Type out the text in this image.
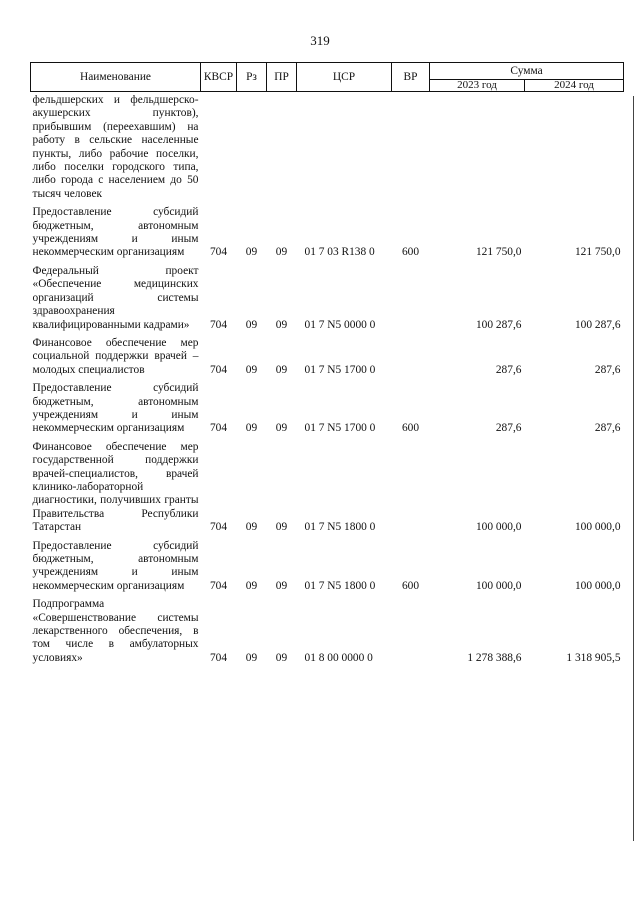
319
Наименование	КВСР	Рз	ПР	ЦСР	ВР	Сумма	
						2023 год	2024 год
фельдшерских и фельдшерско-акушерских пунктов), прибывшим (переехавшим) на работу в сельские населенные пункты, либо рабочие поселки, либо поселки городского типа, либо города с населением до 50 тысяч человек							
Предоставление субсидий бюджетным, автономным учреждениям и иным некоммерческим организациям	704	09	09	01 7 03 R138 0	600	121 750,0	121 750,0
Федеральный проект «Обеспечение медицинских организаций системы здравоохранения квалифицированными кадрами»	704	09	09	01 7 N5 0000 0		100 287,6	100 287,6
Финансовое обеспечение мер социальной поддержки врачей – молодых специалистов	704	09	09	01 7 N5 1700 0		287,6	287,6
Предоставление субсидий бюджетным, автономным учреждениям и иным некоммерческим организациям	704	09	09	01 7 N5 1700 0	600	287,6	287,6
Финансовое обеспечение мер государственной поддержки врачей-специалистов, врачей клинико-лабораторной диагностики, получивших гранты Правительства Республики Татарстан	704	09	09	01 7 N5 1800 0		100 000,0	100 000,0
Предоставление субсидий бюджетным, автономным учреждениям и иным некоммерческим организациям	704	09	09	01 7 N5 1800 0	600	100 000,0	100 000,0
Подпрограмма «Совершенствование системы лекарственного обеспечения, в том числе в амбулаторных условиях»	704	09	09	01 8 00 0000 0		1 278 388,6	1 318 905,5
